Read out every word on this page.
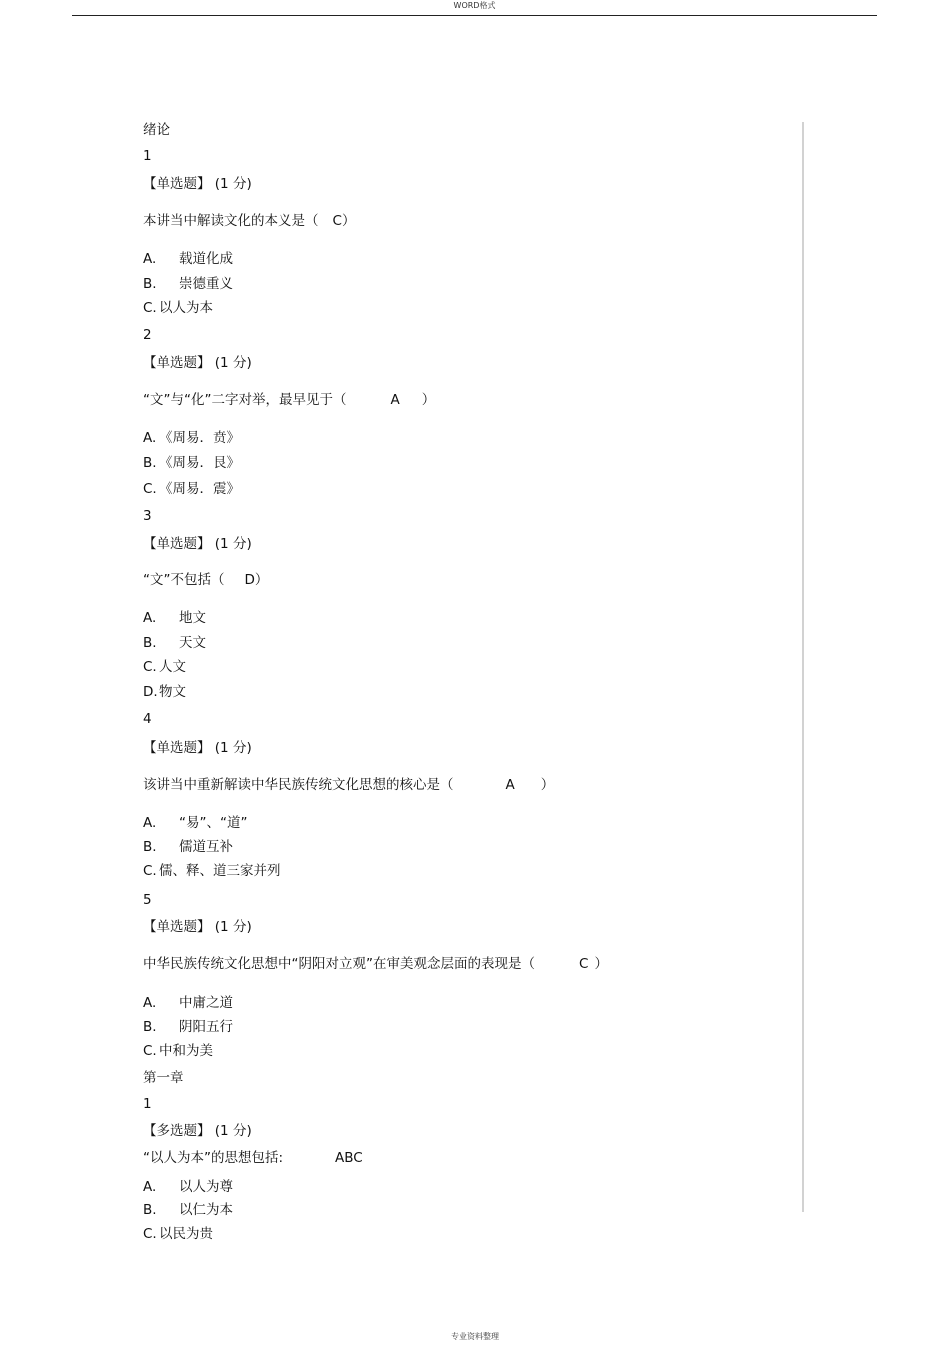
WORD格式
绪论
1
【单选题】 (1 分)
本讲当中解读文化的本义是（ C）
A. 载道化成
B. 崇德重义
C. 以人为本
2
【单选题】 (1 分)
“文”与“化”二字对举，最早见于（	A ）
A. 《周易．贲》
B. 《周易．艮》
C. 《周易．震》
3
【单选题】 (1 分)
“文”不包括（ D）
A. 地文
B. 天文
C. 人文
D.物文
4
【单选题】 (1 分)
该讲当中重新解读中华民族传统文化思想的核心是（	A ）
A. “易”、“道”
B. 儒道互补
C. 儒、释、道三家并列
5
【单选题】 (1 分)
中华民族传统文化思想中“阴阳对立观”在审美观念层面的表现是（	C ）
A. 中庸之道
B. 阴阳五行
C. 中和为美
第一章
1
【多选题】 (1 分)
“以人为本”的思想包括:	ABC
A. 以人为尊
B. 以仁为本
C. 以民为贵
专业资料整理
